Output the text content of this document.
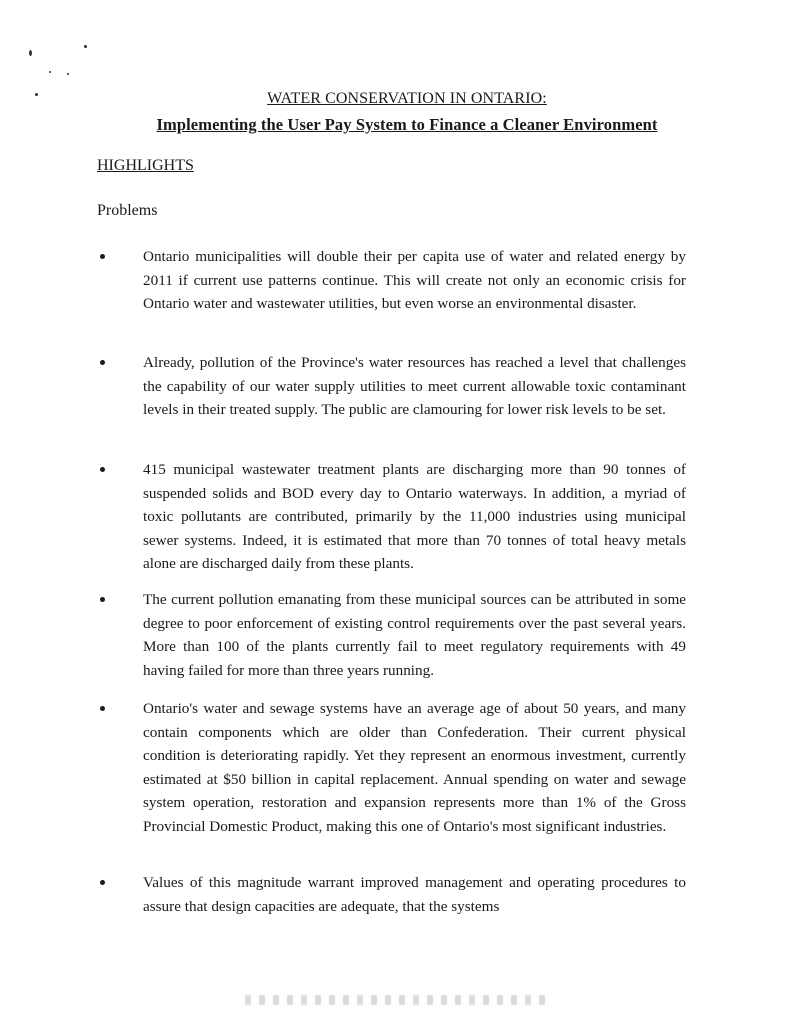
WATER CONSERVATION IN ONTARIO:
Implementing the User Pay System to Finance a Cleaner Environment
HIGHLIGHTS
Problems
Ontario municipalities will double their per capita use of water and related energy by 2011 if current use patterns continue. This will create not only an economic crisis for Ontario water and wastewater utilities, but even worse an environmental disaster.
Already, pollution of the Province's water resources has reached a level that challenges the capability of our water supply utilities to meet current allowable toxic contaminant levels in their treated supply. The public are clamouring for lower risk levels to be set.
415 municipal wastewater treatment plants are discharging more than 90 tonnes of suspended solids and BOD every day to Ontario waterways. In addition, a myriad of toxic pollutants are contributed, primarily by the 11,000 industries using municipal sewer systems. Indeed, it is estimated that more than 70 tonnes of total heavy metals alone are discharged daily from these plants.
The current pollution emanating from these municipal sources can be attributed in some degree to poor enforcement of existing control requirements over the past several years. More than 100 of the plants currently fail to meet regulatory requirements with 49 having failed for more than three years running.
Ontario's water and sewage systems have an average age of about 50 years, and many contain components which are older than Confederation. Their current physical condition is deteriorating rapidly. Yet they represent an enormous investment, currently estimated at $50 billion in capital replacement. Annual spending on water and sewage system operation, restoration and expansion represents more than 1% of the Gross Provincial Domestic Product, making this one of Ontario's most significant industries.
Values of this magnitude warrant improved management and operating procedures to assure that design capacities are adequate, that the systems
